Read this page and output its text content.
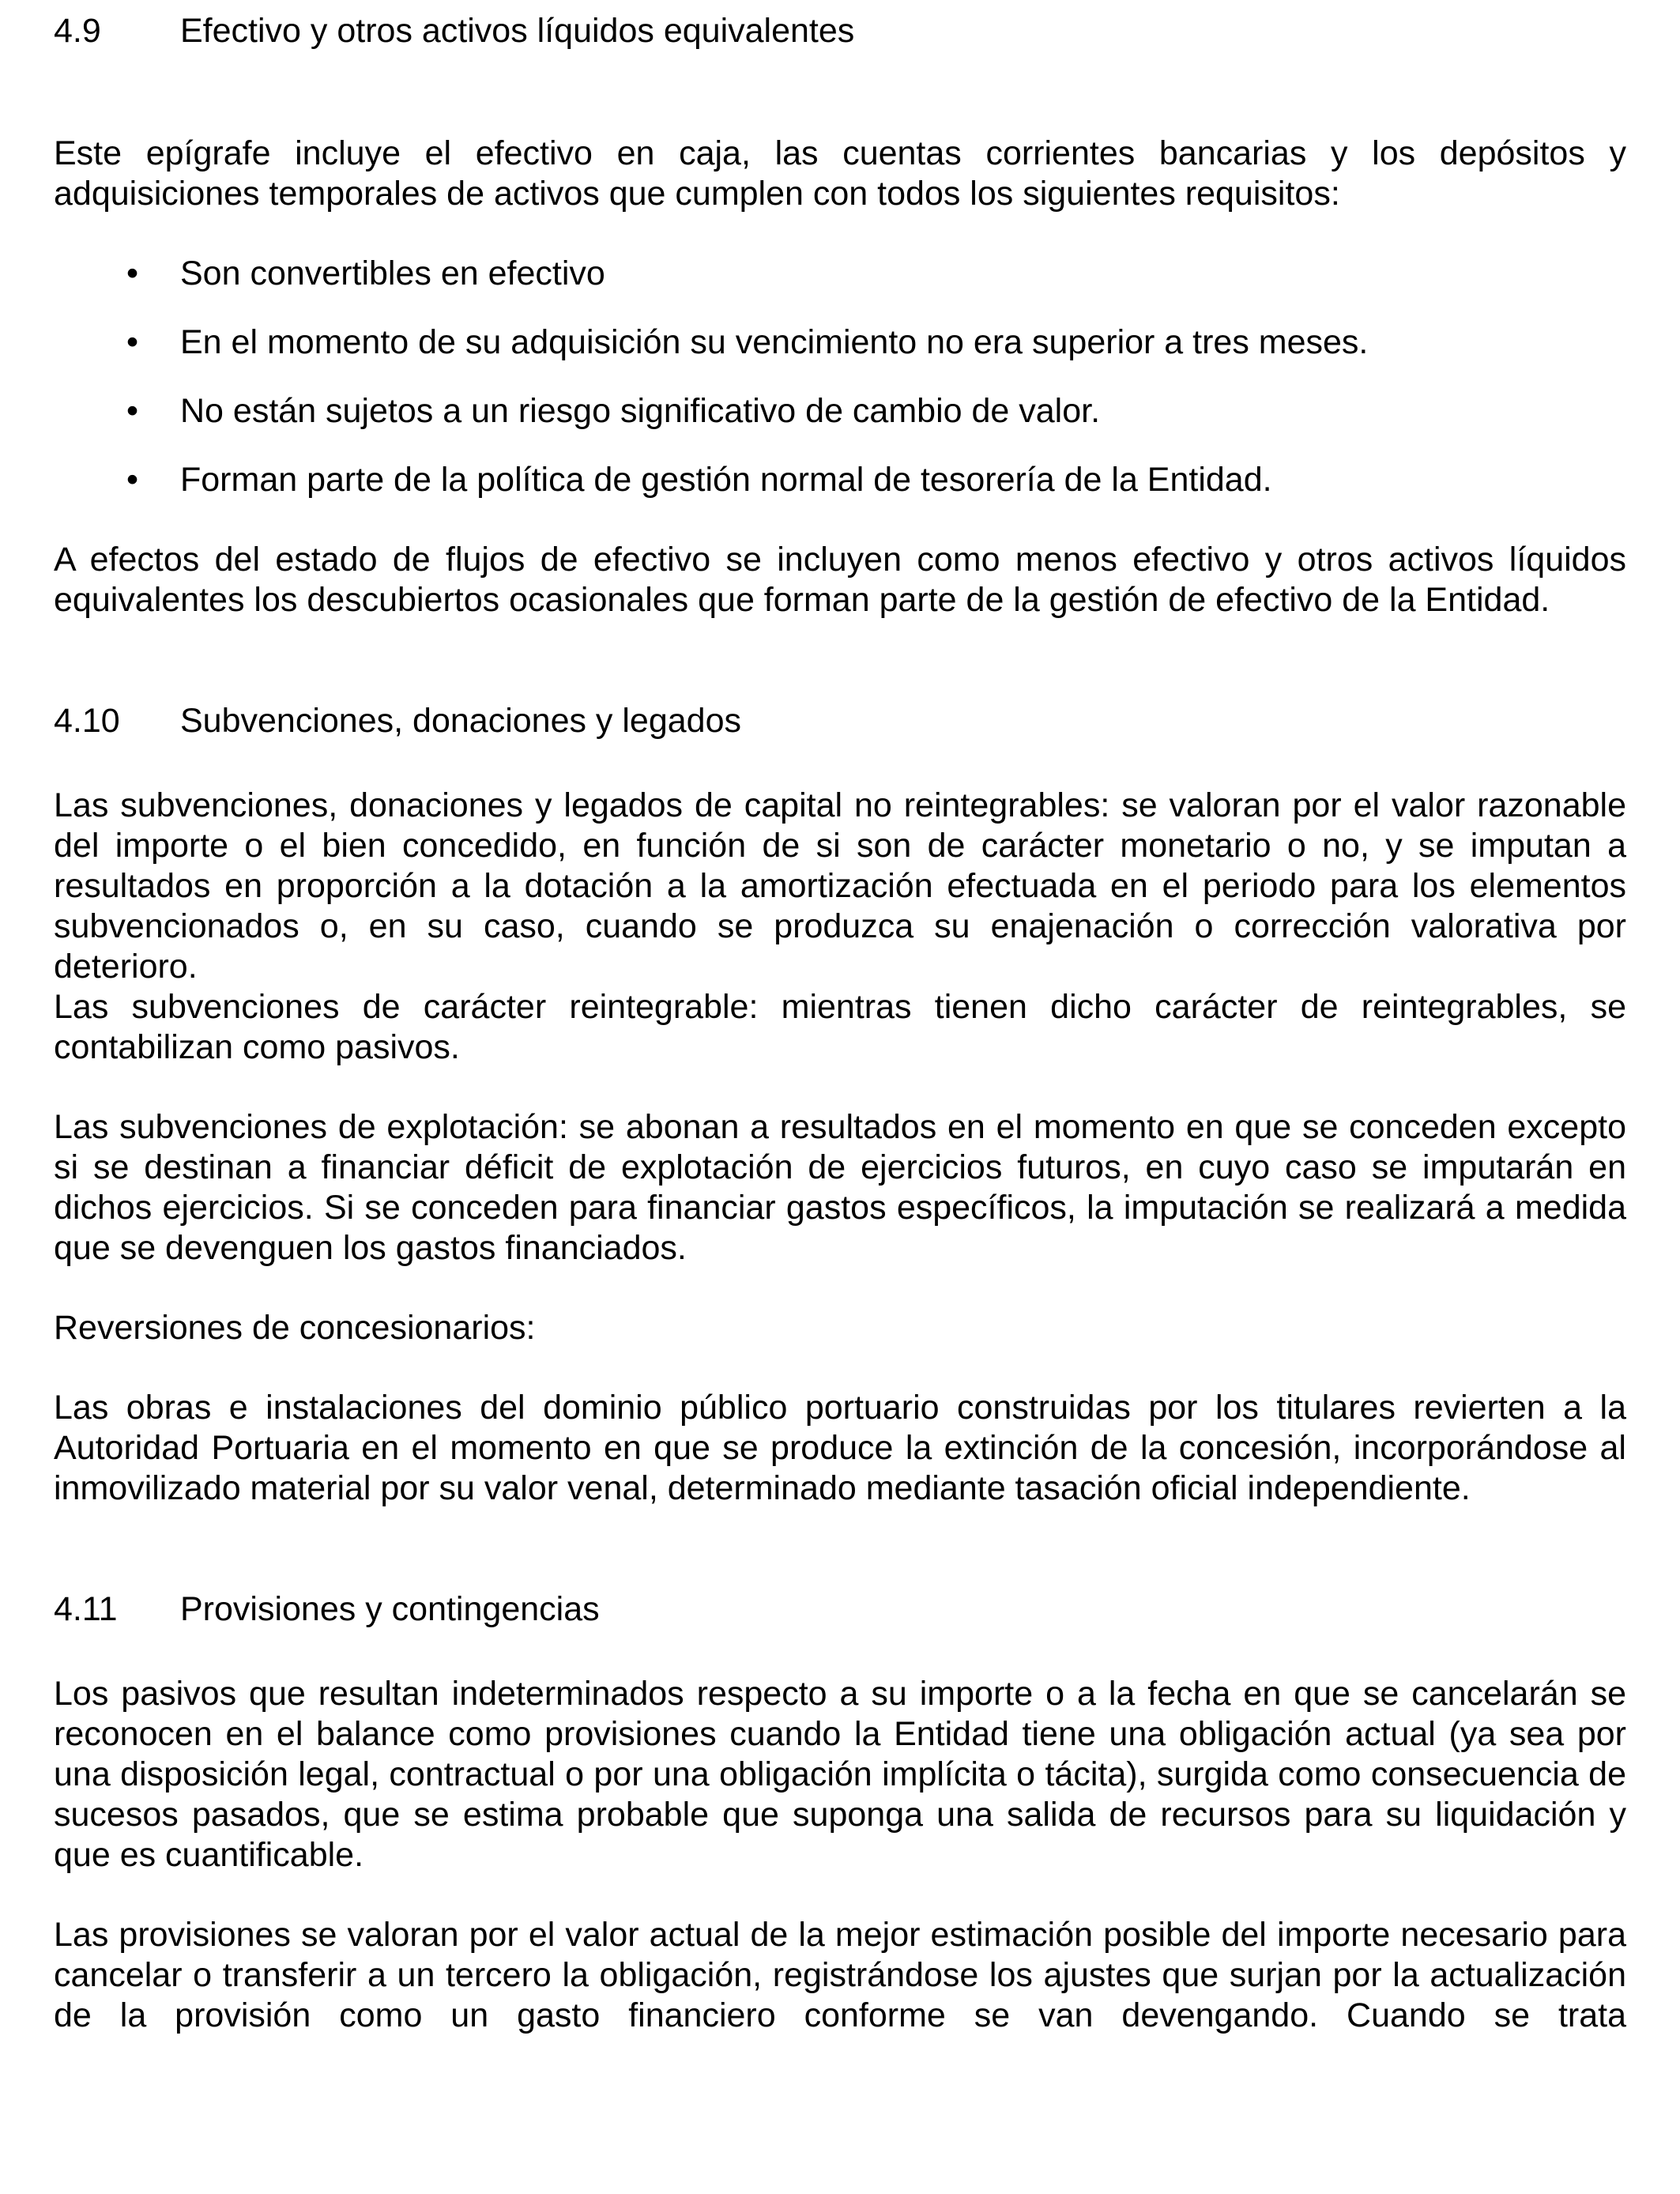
4.9	Efectivo y otros activos líquidos equivalentes

Este epígrafe incluye el efectivo en caja, las cuentas corrientes bancarias y los depósitos y adquisiciones temporales de activos que cumplen con todos los siguientes requisitos:

•	Son convertibles en efectivo
•	En el momento de su adquisición su vencimiento no era superior a tres meses.
•	No están sujetos a un riesgo significativo de cambio de valor.
•	Forman parte de la política de gestión normal de tesorería de la Entidad.

A efectos del estado de flujos de efectivo se incluyen como menos efectivo y otros activos líquidos equivalentes los descubiertos ocasionales que forman parte de la gestión de efectivo de la Entidad.

4.10	Subvenciones, donaciones y legados

Las subvenciones, donaciones y legados de capital no reintegrables: se valoran por el valor razonable del importe o el bien concedido, en función de si son de carácter monetario o no, y se imputan a resultados en proporción a la dotación a la amortización efectuada en el periodo para los elementos subvencionados o, en su caso, cuando se produzca su enajenación o corrección valorativa por deterioro.

Las subvenciones de carácter reintegrable: mientras tienen dicho carácter de reintegrables, se contabilizan como pasivos.

Las subvenciones de explotación: se abonan a resultados en el momento en que se conceden excepto si se destinan a financiar déficit de explotación de ejercicios futuros, en cuyo caso se imputarán en dichos ejercicios. Si se conceden para financiar gastos específicos, la imputación se realizará a medida que se devenguen los gastos financiados.

Reversiones de concesionarios:

Las obras e instalaciones del dominio público portuario construidas por los titulares revierten a la Autoridad Portuaria en el momento en que se produce la extinción de la concesión, incorporándose al inmovilizado material por su valor venal, determinado mediante tasación oficial independiente.

4.11	Provisiones y contingencias

Los pasivos que resultan indeterminados respecto a su importe o a la fecha en que se cancelarán se reconocen en el balance como provisiones cuando la Entidad tiene una obligación actual (ya sea por una disposición legal, contractual o por una obligación implícita o tácita), surgida como consecuencia de sucesos pasados, que se estima probable que suponga una salida de recursos para su liquidación y que es cuantificable.

Las provisiones se valoran por el valor actual de la mejor estimación posible del importe necesario para cancelar o transferir a un tercero la obligación, registrándose los ajustes que surjan por la actualización de la provisión como un gasto financiero conforme se van devengando. Cuando se trata
